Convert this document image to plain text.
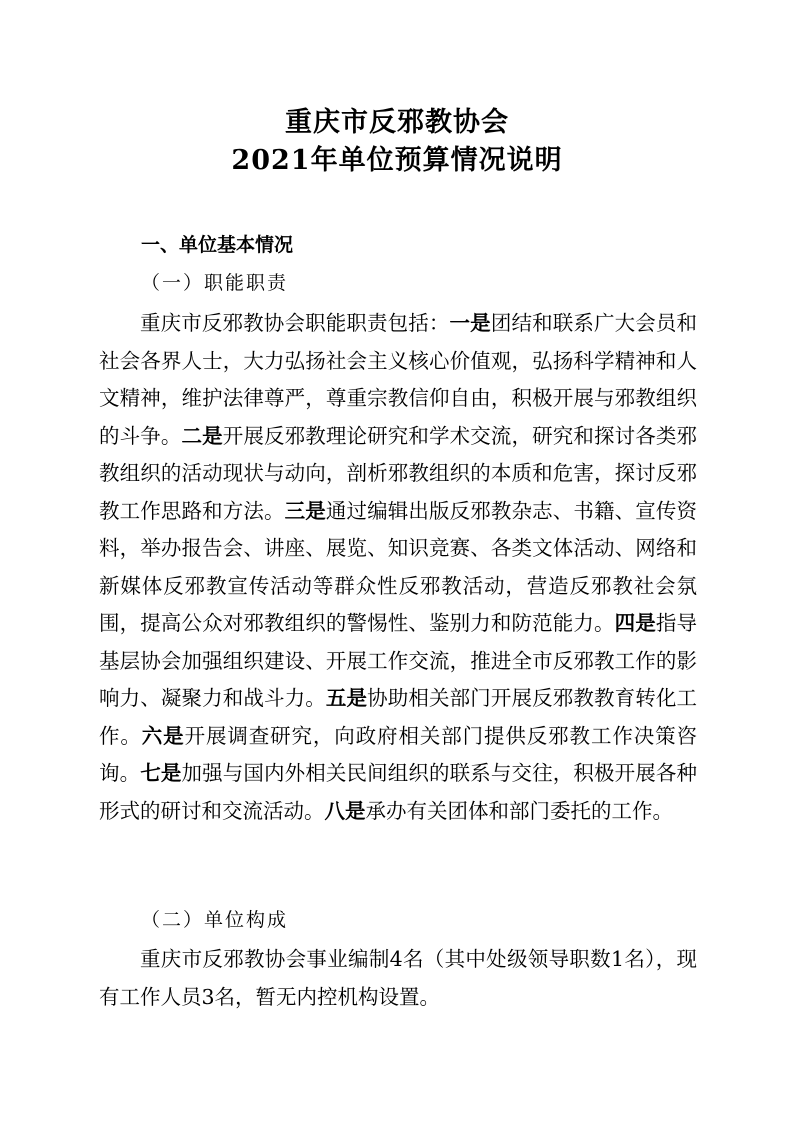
重庆市反邪教协会
2021年单位预算情况说明
一、单位基本情况
（一）职能职责
重庆市反邪教协会职能职责包括：一是团结和联系广大会员和社会各界人士，大力弘扬社会主义核心价值观，弘扬科学精神和人文精神，维护法律尊严，尊重宗教信仰自由，积极开展与邪教组织的斗争。二是开展反邪教理论研究和学术交流，研究和探讨各类邪教组织的活动现状与动向，剖析邪教组织的本质和危害，探讨反邪教工作思路和方法。三是通过编辑出版反邪教杂志、书籍、宣传资料，举办报告会、讲座、展览、知识竞赛、各类文体活动、网络和新媒体反邪教宣传活动等群众性反邪教活动，营造反邪教社会氛围，提高公众对邪教组织的警惕性、鉴别力和防范能力。四是指导基层协会加强组织建设、开展工作交流，推进全市反邪教工作的影响力、凝聚力和战斗力。五是协助相关部门开展反邪教教育转化工作。六是开展调查研究，向政府相关部门提供反邪教工作决策咨询。七是加强与国内外相关民间组织的联系与交往，积极开展各种形式的研讨和交流活动。八是承办有关团体和部门委托的工作。
（二）单位构成
重庆市反邪教协会事业编制4名（其中处级领导职数1名），现有工作人员3名，暂无内控机构设置。
